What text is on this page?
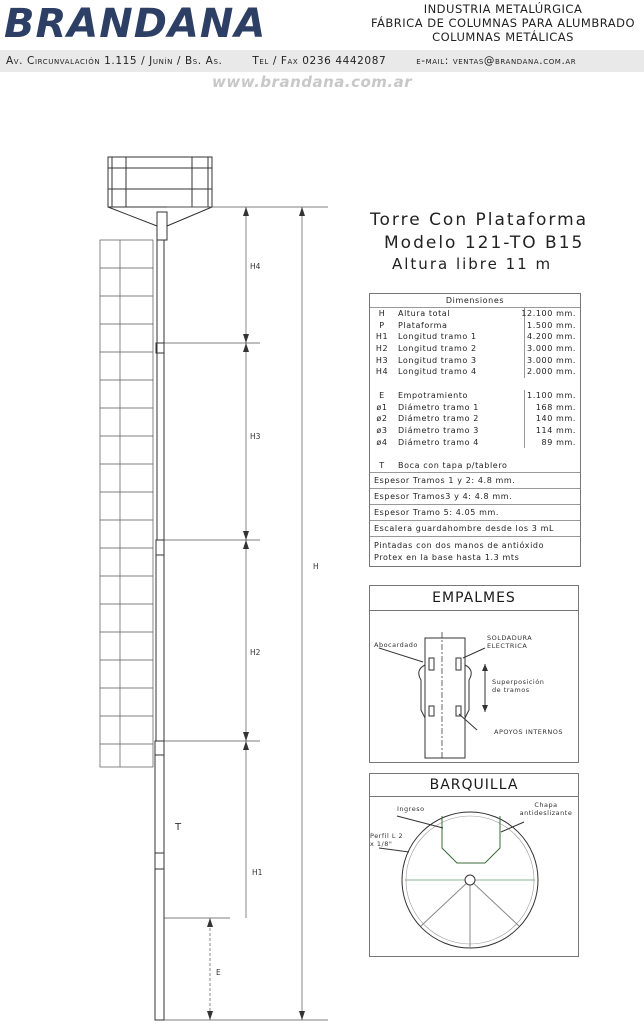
BRANDANA	INDUSTRIA METALÚRGICA
FÁBRICA DE COLUMNAS PARA ALUMBRADO
COLUMNAS METÁLICAS
Av. Circunvalación 1.115 / Junín / Bs. As.	Tel / Fax 0236 4442087	e-mail: ventas@brandana.com.ar
www.brandana.com.ar
H4
H3
H2
H1
H
E
T
Torre Con Plataforma
Modelo 121-TO B15
Altura libre 11 m
Dimensiones
H	Altura total	12.100 mm.
P	Plataforma	1.500 mm.
H1	Longitud tramo 1	4.200 mm.
H2	Longitud tramo 2	3.000 mm.
H3	Longitud tramo 3	3.000 mm.
H4	Longitud tramo 4	2.000 mm.
E	Empotramiento	1.100 mm.
ø1	Diámetro tramo 1	168 mm.
ø2	Diámetro tramo 2	140 mm.
ø3	Diámetro tramo 3	114 mm.
ø4	Diámetro tramo 4	89 mm.
T	Boca con tapa p/tablero
Espesor Tramos 1 y 2: 4.8 mm.
Espesor Tramos3 y 4: 4.8 mm.
Espesor Tramo 5: 4.05 mm.
Escalera guardahombre desde los 3 mL
Pintadas con dos manos de antióxido
Protex en la base hasta 1.3 mts
EMPALMES
Abocardado
SOLDADURA ELECTRICA
Superposición de tramos
APOYOS INTERNOS
BARQUILLA
Ingreso	Chapa antideslizante
Perfil L 2 x 1/8"
